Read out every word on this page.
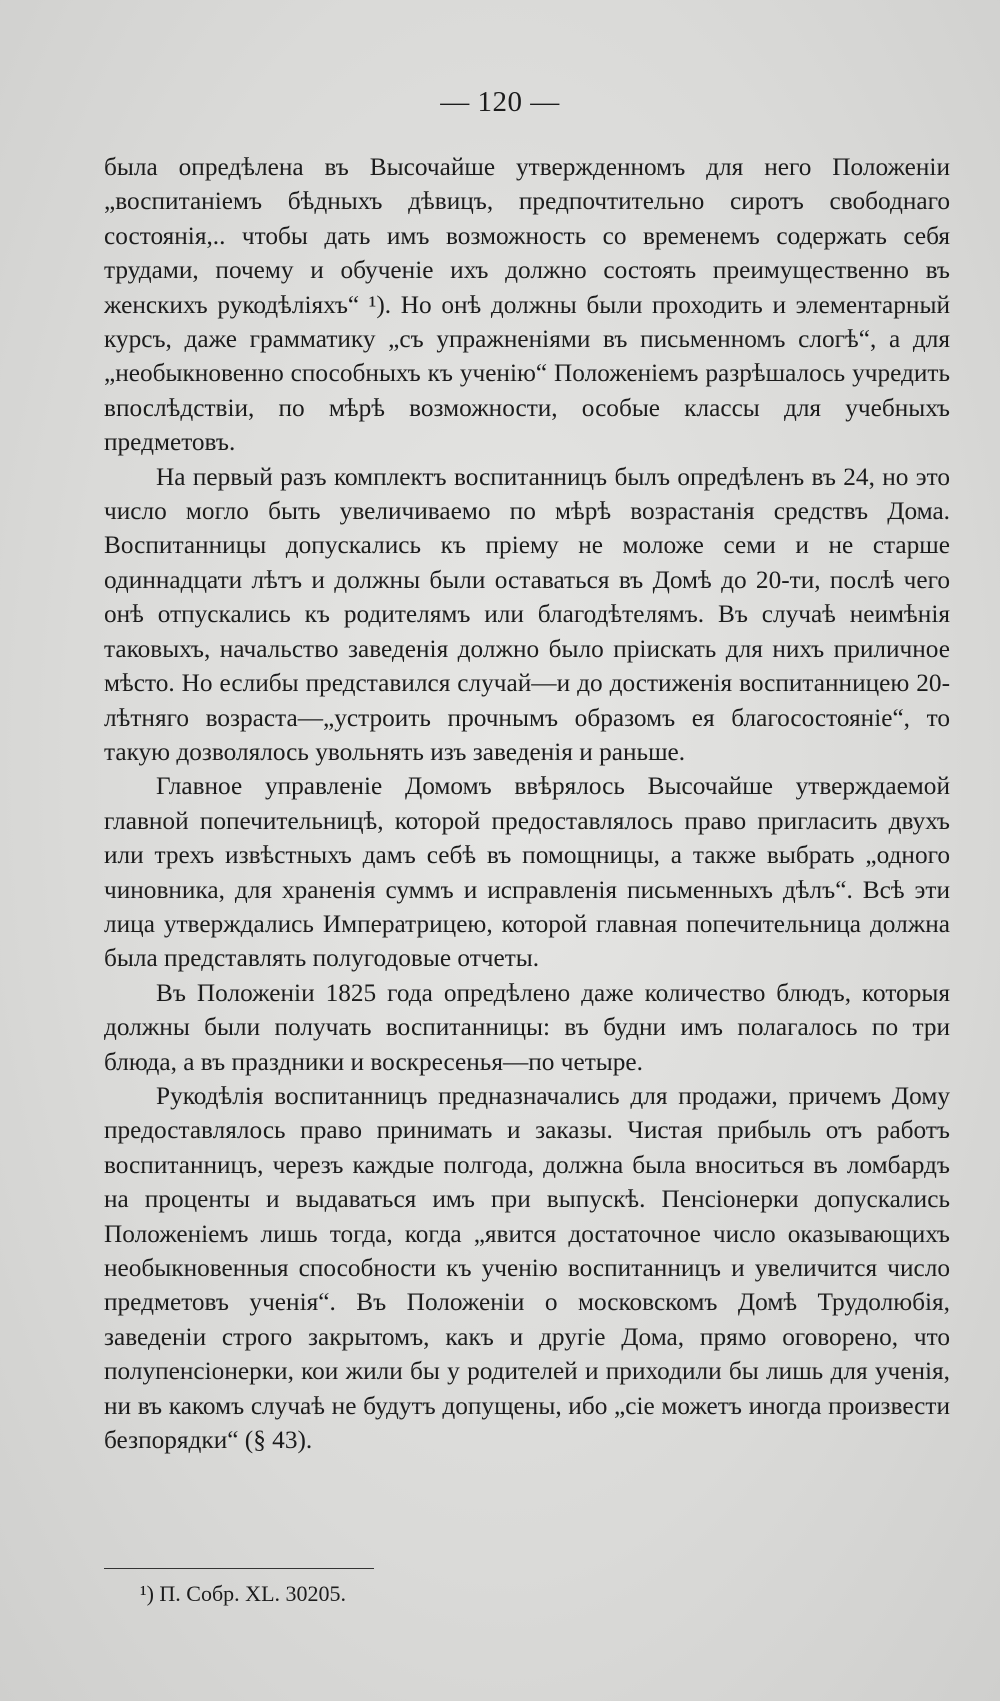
— 120 —

была опредѣлена въ Высочайше утвержденномъ для него Положеніи „воспитаніемъ бѣдныхъ дѣвицъ, предпочтительно сиротъ свободнаго состоянія,.. чтобы дать имъ возможность со временемъ содержать себя трудами, почему и обученіе ихъ должно состоять преимущественно въ женскихъ рукодѣліяхъ“ ¹). Но онѣ должны были проходить и элементарный курсъ, даже грамматику „съ упражненіями въ письменномъ слогѣ“, а для „необыкновенно способныхъ къ ученію“ Положеніемъ разрѣшалось учредить впослѣдствіи, по мѣрѣ возможности, особые классы для учебныхъ предметовъ.

На первый разъ комплектъ воспитанницъ былъ опредѣленъ въ 24, но это число могло быть увеличиваемо по мѣрѣ возрастанія средствъ Дома. Воспитанницы допускались къ пріему не моложе семи и не старше одиннадцати лѣтъ и должны были оставаться въ Домѣ до 20-ти, послѣ чего онѣ отпускались къ родителямъ или благодѣтелямъ. Въ случаѣ неимѣнія таковыхъ, начальство заведенія должно было пріискать для нихъ приличное мѣсто. Но еслибы представился случай—и до достиженія воспитанницею 20-лѣтняго возраста—„устроить прочнымъ образомъ ея благосостояніе“, то такую дозволялось увольнять изъ заведенія и раньше.

Главное управленіе Домомъ ввѣрялось Высочайше утверждаемой главной попечительницѣ, которой предоставлялось право пригласить двухъ или трехъ извѣстныхъ дамъ себѣ въ помощницы, а также выбрать „одного чиновника, для храненія суммъ и исправленія письменныхъ дѣлъ“. Всѣ эти лица утверждались Императрицею, которой главная попечительница должна была представлять полугодовые отчеты.

Въ Положеніи 1825 года опредѣлено даже количество блюдъ, которыя должны были получать воспитанницы: въ будни имъ полагалось по три блюда, а въ праздники и воскресенья—по четыре.

Рукодѣлія воспитанницъ предназначались для продажи, причемъ Дому предоставлялось право принимать и заказы. Чистая прибыль отъ работъ воспитанницъ, черезъ каждые полгода, должна была вноситься въ ломбардъ на проценты и выдаваться имъ при выпускѣ. Пенсіонерки допускались Положеніемъ лишь тогда, когда „явится достаточное число оказывающихъ необыкновенныя способности къ ученію воспитанницъ и увеличится число предметовъ ученія“. Въ Положеніи о московскомъ Домѣ Трудолюбія, заведеніи строго закрытомъ, какъ и другіе Дома, прямо оговорено, что полупенсіонерки, кои жили бы у родителей и приходили бы лишь для ученія, ни въ какомъ случаѣ не будутъ допущены, ибо „сіе можетъ иногда произвести безпорядки“ (§ 43).

¹) П. Собр. XL. 30205.
